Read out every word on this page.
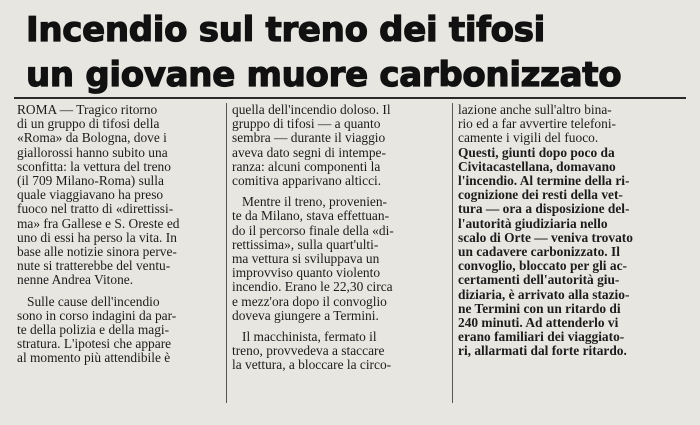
Incendio sul treno dei tifosi
un giovane muore carbonizzato
ROMA — Tragico ritorno
di un gruppo di tifosi della
«Roma» da Bologna, dove i
giallorossi hanno subito una
sconfitta: la vettura del treno
(il 709 Milano-Roma) sulla
quale viaggiavano ha preso
fuoco nel tratto di «direttissi-
ma» fra Gallese e S. Oreste ed
uno di essi ha perso la vita. In
base alle notizie sinora perve-
nute si tratterebbe del ventu-
nenne Andrea Vitone.
Sulle cause dell'incendio
sono in corso indagini da par-
te della polizia e della magi-
stratura. L'ipotesi che appare
al momento più attendibile è
quella dell'incendio doloso. Il
gruppo di tifosi — a quanto
sembra — durante il viaggio
aveva dato segni di intempe-
ranza: alcuni componenti la
comitiva apparivano alticci.
Mentre il treno, provenien-
te da Milano, stava effettuan-
do il percorso finale della «di-
rettissima», sulla quart'ulti-
ma vettura si sviluppava un
improvviso quanto violento
incendio. Erano le 22,30 circa
e mezz'ora dopo il convoglio
doveva giungere a Termini.
Il macchinista, fermato il
treno, provvedeva a staccare
la vettura, a bloccare la circo-
lazione anche sull'altro bina-
rio ed a far avvertire telefoni-
camente i vigili del fuoco.
Questi, giunti dopo poco da
Civitacastellana, domavano
l'incendio. Al termine della ri-
cognizione dei resti della vet-
tura — ora a disposizione del-
l'autorità giudiziaria nello
scalo di Orte — veniva trovato
un cadavere carbonizzato. Il
convoglio, bloccato per gli ac-
certamenti dell'autorità giu-
diziaria, è arrivato alla stazio-
ne Termini con un ritardo di
240 minuti. Ad attenderlo vi
erano familiari dei viaggiato-
ri, allarmati dal forte ritardo.
